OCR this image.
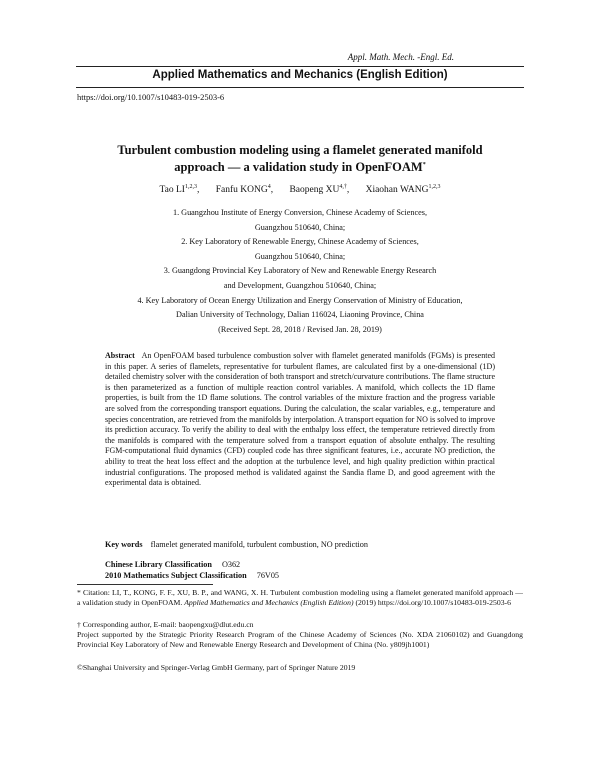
Appl. Math. Mech. -Engl. Ed.
Applied Mathematics and Mechanics (English Edition)
https://doi.org/10.1007/s10483-019-2503-6
Turbulent combustion modeling using a flamelet generated manifold
approach — a validation study in OpenFOAM*
Tao LI$^{1,2,3}$, Fanfu KONG$^4$, Baopeng $XU^{4,\dagger}$, Xiaohan WANG$^{1,2,3}$
1. Guangzhou Institute of Energy Conversion, Chinese Academy of Sciences,
Guangzhou 510640, China;
2. Key Laboratory of Renewable Energy, Chinese Academy of Sciences,
Guangzhou 510640, China;
3. Guangdong Provincial Key Laboratory of New and Renewable Energy Research
and Development, Guangzhou 510640, China;
4. Key Laboratory of Ocean Energy Utilization and Energy Conservation of Ministry of Education,
Dalian University of Technology, Dalian 116024, Liaoning Province, China
(Received Sept. 28, 2018 / Revised Jan. 28, 2019)
Abstract An OpenFOAM based turbulence combustion solver with flamelet generated manifolds (FGMs) is presented in this paper. A series of flamelets, representative for turbulent flames, are calculated first by a one-dimensional (1D) detailed chemistry solver with the consideration of both transport and stretch/curvature contributions. The flame structure is then parameterized as a function of multiple reaction control variables. A manifold, which collects the 1D flame properties, is built from the 1D flame solutions. The control variables of the mixture fraction and the progress variable are solved from the corresponding transport equations. During the calculation, the scalar variables, e.g., temperature and species concentration, are retrieved from the manifolds by interpolation. A transport equation for NO is solved to improve its prediction accuracy. To verify the ability to deal with the enthalpy loss effect, the temperature retrieved directly from the manifolds is compared with the temperature solved from a transport equation of absolute enthalpy. The resulting FGM-computational fluid dynamics (CFD) coupled code has three significant features, i.e., accurate NO prediction, the ability to treat the heat loss effect and the adoption at the turbulence level, and high quality prediction within practical industrial configurations. The proposed method is validated against the Sandia flame D, and good agreement with the experimental data is obtained.
Key words flamelet generated manifold, turbulent combustion, NO prediction
Chinese Library Classification O362
2010 Mathematics Subject Classification 76V05
* Citation: LI, T., KONG, F. F., XU, B. P., and WANG, X. H. Turbulent combustion modeling using a flamelet generated manifold approach — a validation study in OpenFOAM. Applied Mathematics and Mechanics (English Edition) (2019) https://doi.org/10.1007/s10483-019-2503-6
† Corresponding author, E-mail: baopengxu@dlut.edu.cn
Project supported by the Strategic Priority Research Program of the Chinese Academy of Sciences (No. XDA 21060102) and Guangdong Provincial Key Laboratory of New and Renewable Energy Research and Development of China (No. y809jh1001)
©Shanghai University and Springer-Verlag GmbH Germany, part of Springer Nature 2019
